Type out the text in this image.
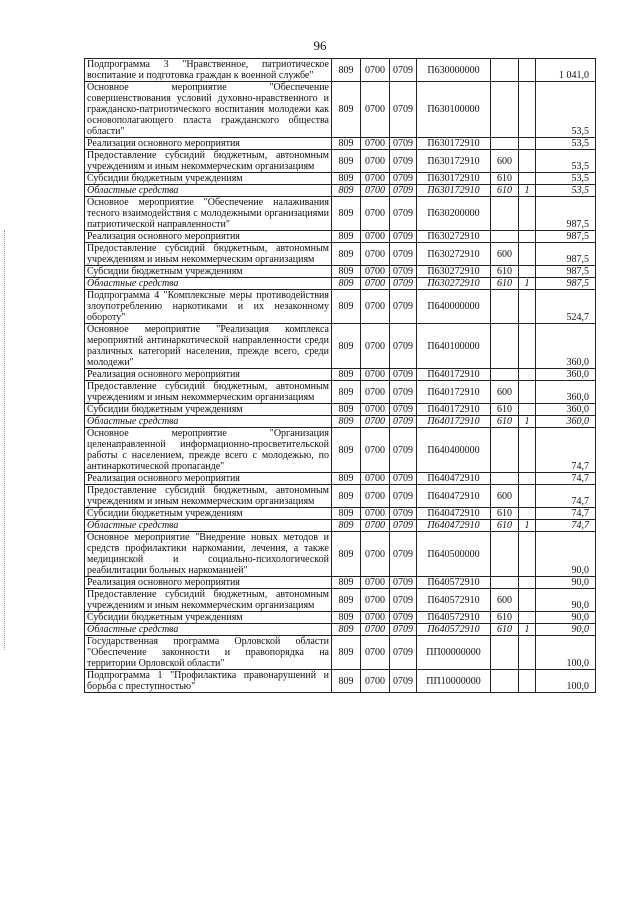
96
Подпрограмма 3 "Нравственное, патриотическое воспитание и подготовка граждан к военной службе"	809	0700	0709	П630000000			1 041,0
Основное мероприятие "Обеспечение совершенствования условий духовно-нравственного и гражданско-патриотического воспитания молодежи как основополагающего пласта гражданского общества области"	809	0700	0709	П630100000			53,5
Реализация основного мероприятия	809	0700	0709	П630172910			53,5
Предоставление субсидий бюджетным, автономным учреждениям и иным некоммерческим организациям	809	0700	0709	П630172910	600		53,5
Субсидии бюджетным учреждениям	809	0700	0709	П630172910	610		53,5
Областные средства	809	0700	0709	П630172910	610	1	53,5
Основное мероприятие "Обеспечение налаживания тесного взаимодействия с молодежными организациями патриотической направленности"	809	0700	0709	П630200000			987,5
Реализация основного мероприятия	809	0700	0709	П630272910			987,5
Предоставление субсидий бюджетным, автономным учреждениям и иным некоммерческим организациям	809	0700	0709	П630272910	600		987,5
Субсидии бюджетным учреждениям	809	0700	0709	П630272910	610		987,5
Областные средства	809	0700	0709	П630272910	610	1	987,5
Подпрограмма 4 "Комплексные меры противодействия злоупотреблению наркотиками и их незаконному обороту"	809	0700	0709	П640000000			524,7
Основное мероприятие "Реализация комплекса мероприятий антинаркотической направленности среди различных категорий населения, прежде всего, среди молодежи"	809	0700	0709	П640100000			360,0
Реализация основного мероприятия	809	0700	0709	П640172910			360,0
Предоставление субсидий бюджетным, автономным учреждениям и иным некоммерческим организациям	809	0700	0709	П640172910	600		360,0
Субсидии бюджетным учреждениям	809	0700	0709	П640172910	610		360,0
Областные средства	809	0700	0709	П640172910	610	1	360,0
Основное мероприятие "Организация целенаправленной информационно-просветительской работы с населением, прежде всего с молодежью, по антинаркотической пропаганде"	809	0700	0709	П640400000			74,7
Реализация основного мероприятия	809	0700	0709	П640472910			74,7
Предоставление субсидий бюджетным, автономным учреждениям и иным некоммерческим организациям	809	0700	0709	П640472910	600		74,7
Субсидии бюджетным учреждениям	809	0700	0709	П640472910	610		74,7
Областные средства	809	0700	0709	П640472910	610	1	74,7
Основное мероприятие "Внедрение новых методов и средств профилактики наркомании, лечения, а также медицинской и социально-психологической реабилитации больных наркоманией"	809	0700	0709	П640500000			90,0
Реализация основного мероприятия	809	0700	0709	П640572910			90,0
Предоставление субсидий бюджетным, автономным учреждениям и иным некоммерческим организациям	809	0700	0709	П640572910	600		90,0
Субсидии бюджетным учреждениям	809	0700	0709	П640572910	610		90,0
Областные средства	809	0700	0709	П640572910	610	1	90,0
Государственная программа Орловской области "Обеспечение законности и правопорядка на территории Орловской области"	809	0700	0709	ПП00000000			100,0
Подпрограмма 1 "Профилактика правонарушений и борьба с преступностью"	809	0700	0709	ПП10000000			100,0
